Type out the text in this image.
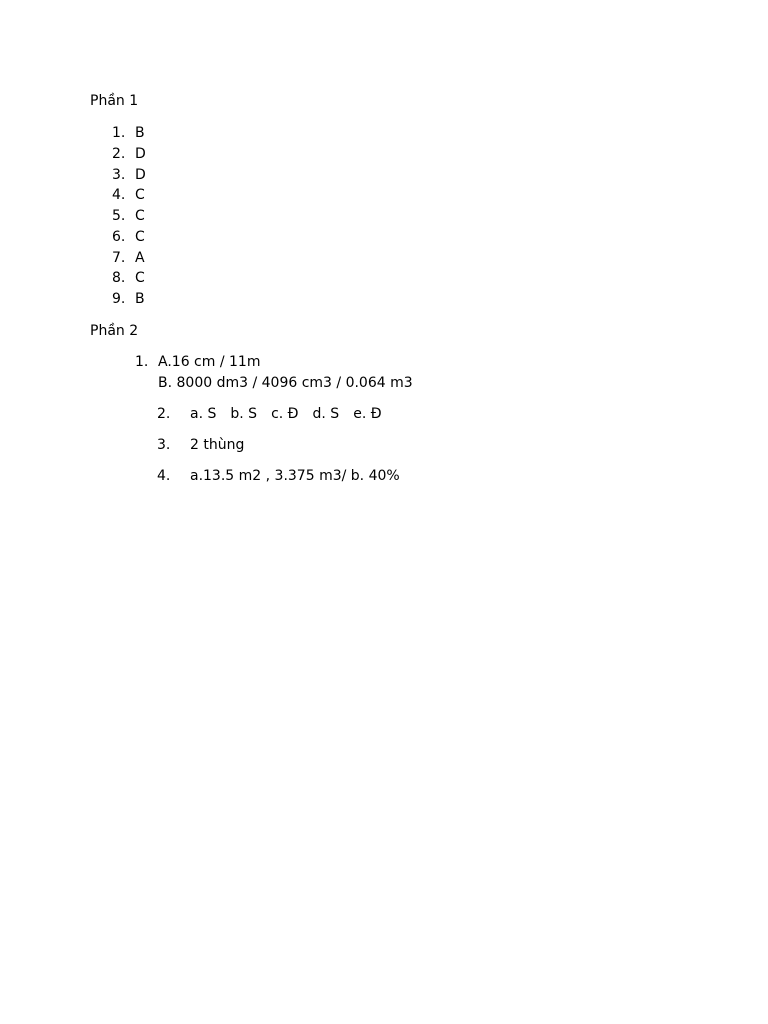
Phần 1
1. B
2. D
3. D
4. C
5. C
6. C
7. A
8. C
9. B
Phần 2
1. A.16 cm / 11m
B. 8000 dm3 / 4096 cm3 / 0.064 m3
2. a. S b. S c. Đ d. S e. Đ
3. 2 thùng
4. a.13.5 m2 , 3.375 m3/ b. 40%
